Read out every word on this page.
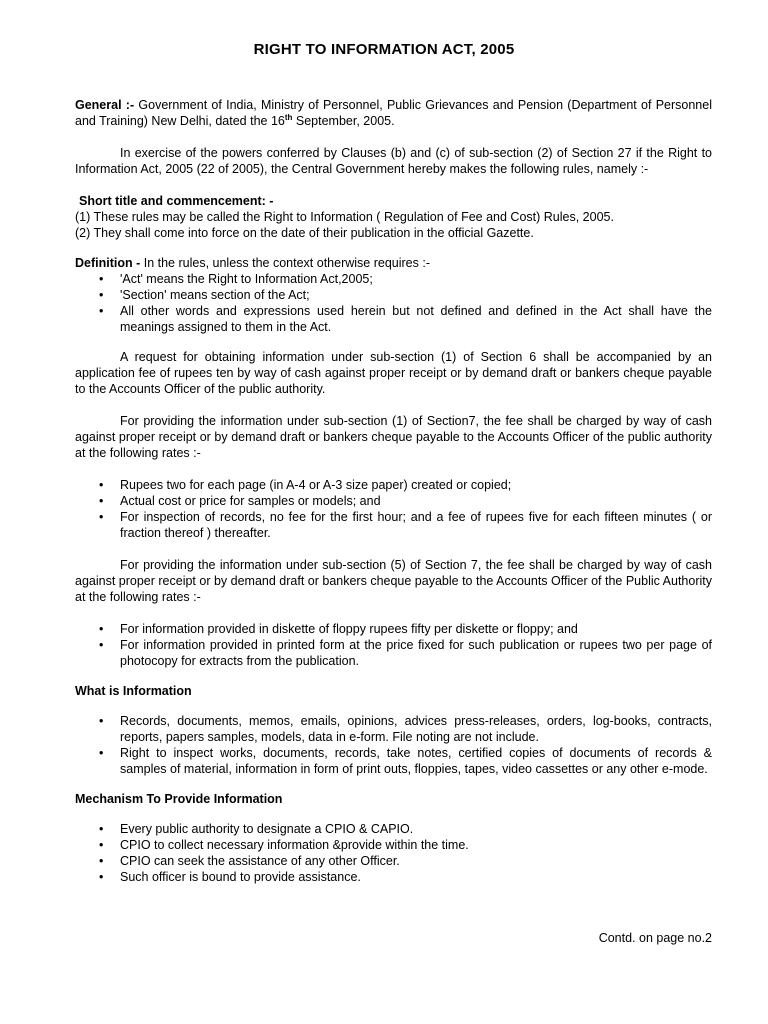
RIGHT TO INFORMATION ACT, 2005

General :- Government of India, Ministry of Personnel, Public Grievances and Pension (Department of Personnel and Training) New Delhi, dated the 16th September, 2005.

In exercise of the powers conferred by Clauses (b) and (c) of sub-section (2) of Section 27 if the Right to Information Act, 2005 (22 of 2005), the Central Government hereby makes the following rules, namely :-

Short title and commencement: -

(1) These rules may be called the Right to Information ( Regulation of Fee and Cost) Rules, 2005.

(2) They shall come into force on the date of their publication in the official Gazette.

Definition - In the rules, unless the context otherwise requires :-

• 'Act' means the Right to Information Act,2005;
• 'Section' means section of the Act;
• All other words and expressions used herein but not defined and defined in the Act shall have the meanings assigned to them in the Act.

A request for obtaining information under sub-section (1) of Section 6 shall be accompanied by an application fee of rupees ten by way of cash against proper receipt or by demand draft or bankers cheque payable to the Accounts Officer of the public authority.

For providing the information under sub-section (1) of Section7, the fee shall be charged by way of cash against proper receipt or by demand draft or bankers cheque payable to the Accounts Officer of the public authority at the following rates :-

• Rupees two for each page (in A-4 or A-3 size paper) created or copied;
• Actual cost or price for samples or models; and
• For inspection of records, no fee for the first hour; and a fee of rupees five for each fifteen minutes ( or fraction thereof ) thereafter.

For providing the information under sub-section (5) of Section 7, the fee shall be charged by way of cash against proper receipt or by demand draft or bankers cheque payable to the Accounts Officer of the Public Authority at the following rates :-

• For information provided in diskette of floppy rupees fifty per diskette or floppy; and
• For information provided in printed form at the price fixed for such publication or rupees two per page of photocopy for extracts from the publication.

What is Information

• Records, documents, memos, emails, opinions, advices press-releases, orders, log-books, contracts, reports, papers samples, models, data in e-form. File noting are not include.
• Right to inspect works, documents, records, take notes, certified copies of documents of records & samples of material, information in form of print outs, floppies, tapes, video cassettes or any other e-mode.

Mechanism To Provide Information

• Every public authority to designate a CPIO & CAPIO.
• CPIO to collect necessary information &provide within the time.
• CPIO can seek the assistance of any other Officer.
• Such officer is bound to provide assistance.
Contd. on page no.2
